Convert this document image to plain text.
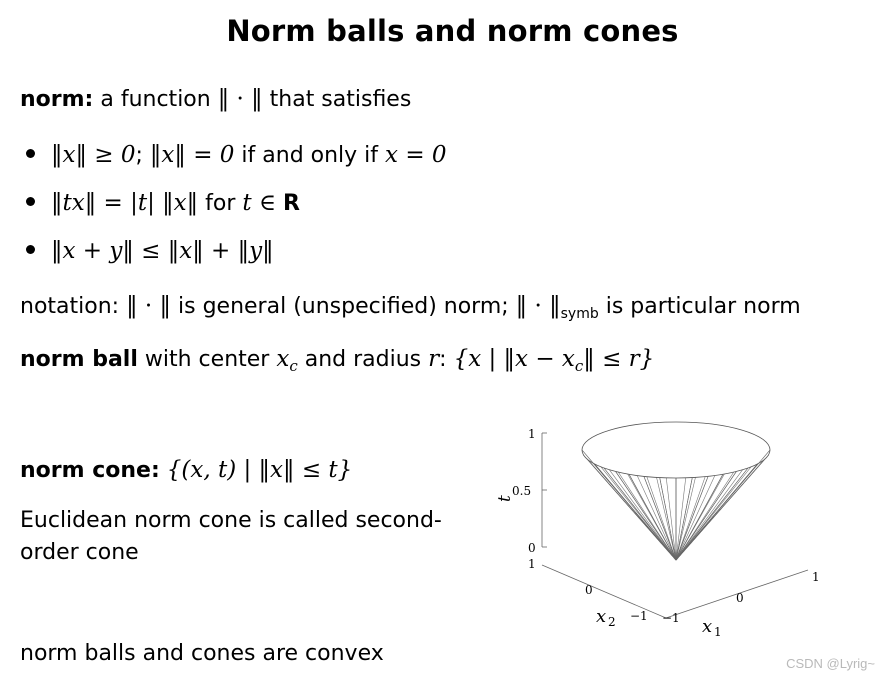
Norm balls and norm cones
norm: a function ‖ · ‖ that satisfies
‖x‖ ≥ 0; ‖x‖ = 0 if and only if x = 0
‖tx‖ = |t| ‖x‖ for t ∈ R
‖x + y‖ ≤ ‖x‖ + ‖y‖
notation: ‖ · ‖ is general (unspecified) norm; ‖ · $‖_{symb}$ is particular norm
norm ball with center $x_c$ and radius r: {x | ‖x − $x_c‖ \le r$}
norm cone: {(x, t) | ‖x‖ ≤ t}
Euclidean norm cone is called second-
order cone
norm balls and cones are convex
1
0.5
0
t
1
0
−1
x 2	−1
0
1
x 1
CSDN @Lyrig~
